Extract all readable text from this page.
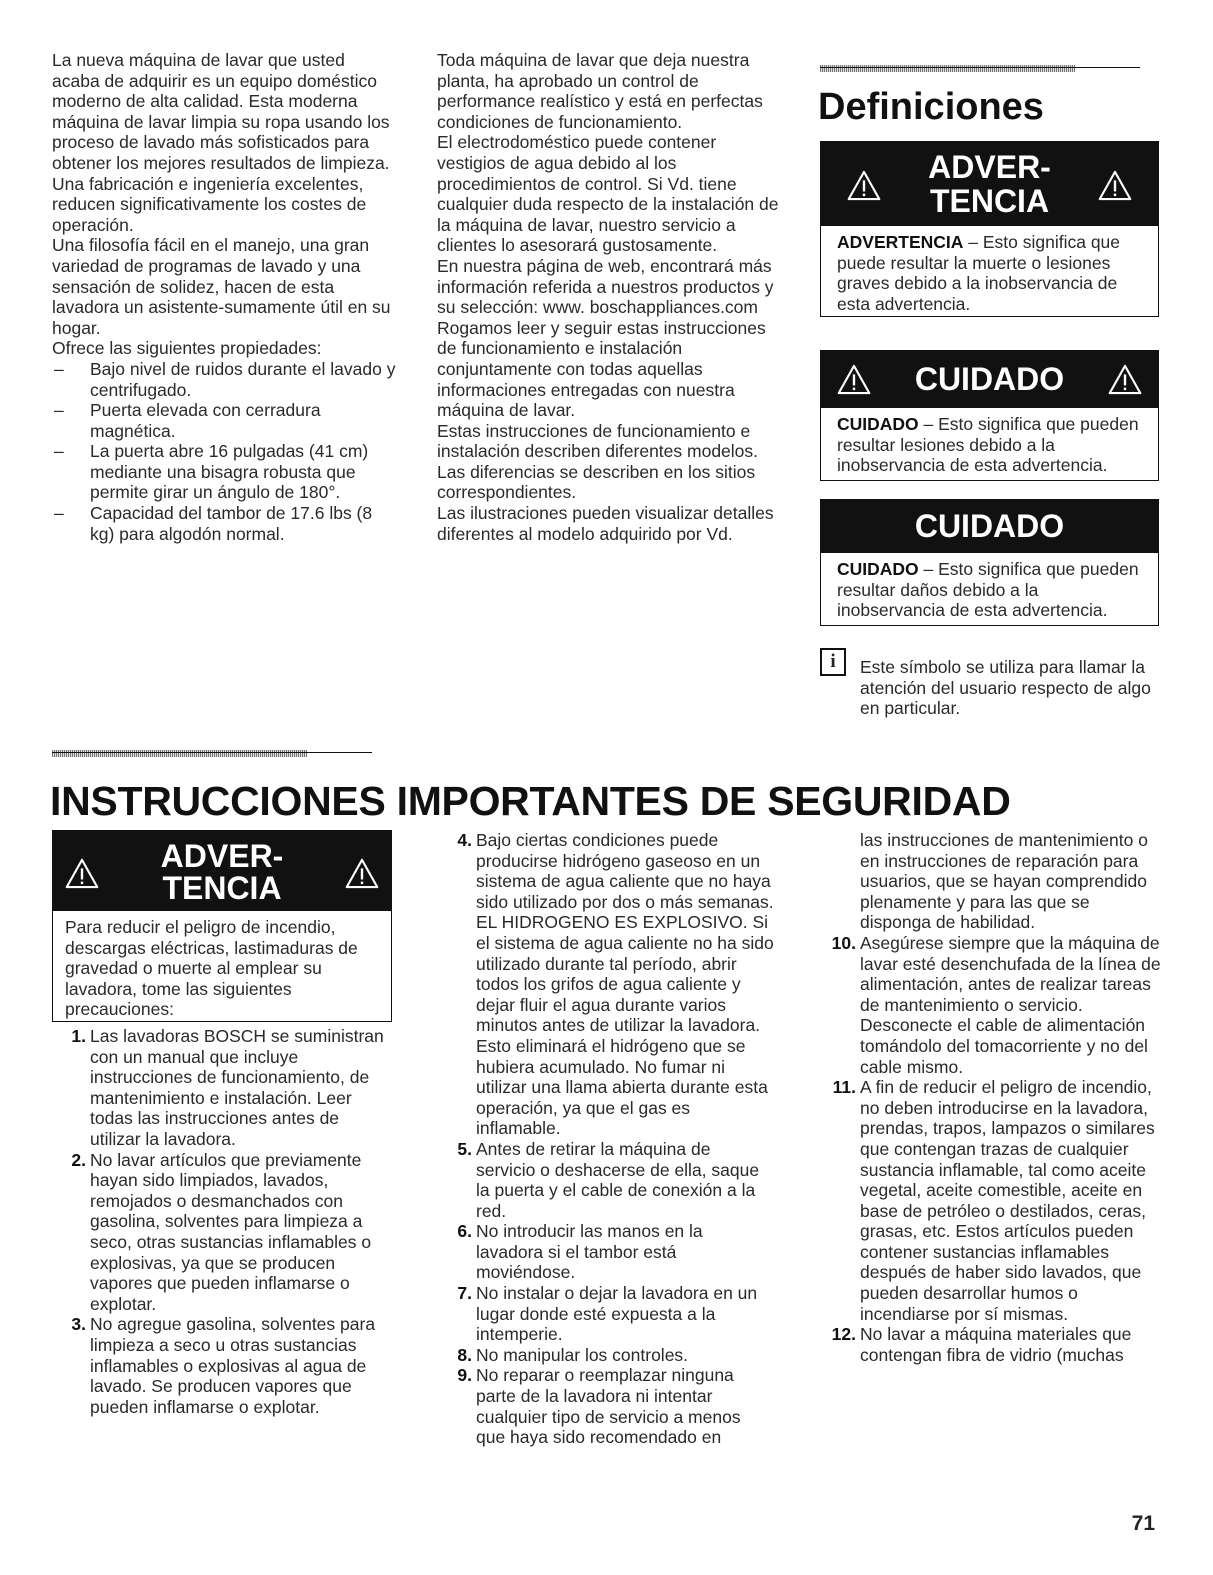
La nueva máquina de lavar que usted acaba de adquirir es un equipo doméstico moderno de alta calidad. Esta moderna máquina de lavar limpia su ropa usando los proceso de lavado más sofisticados para obtener los mejores resultados de limpieza.

Una fabricación e ingeniería excelentes, reducen significativamente los costes de operación.

Una filosofía fácil en el manejo, una gran variedad de programas de lavado y una sensación de solidez, hacen de esta lavadora un asistente-sumamente útil en su hogar.

Ofrece las siguientes propiedades:

– Bajo nivel de ruidos durante el lavado y centrifugado.
– Puerta elevada con cerradura magnética.
– La puerta abre 16 pulgadas (41 cm) mediante una bisagra robusta que permite girar un ángulo de 180°.
– Capacidad del tambor de 17.6 lbs (8 kg) para algodón normal.

Toda máquina de lavar que deja nuestra planta, ha aprobado un control de performance realístico y está en perfectas condiciones de funcionamiento.

El electrodoméstico puede contener vestigios de agua debido al los procedimientos de control. Si Vd. tiene cualquier duda respecto de la instalación de la máquina de lavar, nuestro servicio a clientes lo asesorará gustosamente.

En nuestra página de web, encontrará más información referida a nuestros productos y su selección: www. boschappliances.com

Rogamos leer y seguir estas instrucciones de funcionamiento e instalación conjuntamente con todas aquellas informaciones entregadas con nuestra máquina de lavar.

Estas instrucciones de funcionamiento e instalación describen diferentes modelos. Las diferencias se describen en los sitios correspondientes.

Las ilustraciones pueden visualizar detalles diferentes al modelo adquirido por Vd.

Definiciones
ADVER-
TENCIA
ADVERTENCIA – Esto significa que puede resultar la muerte o lesiones graves debido a la inobservancia de esta advertencia.
CUIDADO
CUIDADO – Esto significa que pueden resultar lesiones debido a la inobservancia de esta advertencia.
CUIDADO
CUIDADO – Esto significa que pueden resultar daños debido a la inobservancia de esta advertencia.
i	Este símbolo se utiliza para llamar la atención del usuario respecto de algo en particular.
INSTRUCCIONES IMPORTANTES DE SEGURIDAD
ADVER-
TENCIA
Para reducir el peligro de incendio, descargas eléctricas, lastimaduras de gravedad o muerte al emplear su lavadora, tome las siguientes precauciones:
1. Las lavadoras BOSCH se suministran con un manual que incluye instrucciones de funcionamiento, de mantenimiento e instalación. Leer todas las instrucciones antes de utilizar la lavadora.
2. No lavar artículos que previamente hayan sido limpiados, lavados, remojados o desmanchados con gasolina, solventes para limpieza a seco, otras sustancias inflamables o explosivas, ya que se producen vapores que pueden inflamarse o explotar.
3. No agregue gasolina, solventes para limpieza a seco u otras sustancias inflamables o explosivas al agua de lavado. Se producen vapores que pueden inflamarse o explotar.
4. Bajo ciertas condiciones puede producirse hidrógeno gaseoso en un sistema de agua caliente que no haya sido utilizado por dos o más semanas. EL HIDROGENO ES EXPLOSIVO. Si el sistema de agua caliente no ha sido utilizado durante tal período, abrir todos los grifos de agua caliente y dejar fluir el agua durante varios minutos antes de utilizar la lavadora. Esto eliminará el hidrógeno que se hubiera acumulado. No fumar ni utilizar una llama abierta durante esta operación, ya que el gas es inflamable.
5. Antes de retirar la máquina de servicio o deshacerse de ella, saque la puerta y el cable de conexión a la red.
6. No introducir las manos en la lavadora si el tambor está moviéndose.
7. No instalar o dejar la lavadora en un lugar donde esté expuesta a la intemperie.
8. No manipular los controles.
9. No reparar o reemplazar ninguna parte de la lavadora ni intentar cualquier tipo de servicio a menos que haya sido recomendado en
las instrucciones de mantenimiento o en instrucciones de reparación para usuarios, que se hayan comprendido plenamente y para las que se disponga de habilidad.
10. Asegúrese siempre que la máquina de lavar esté desenchufada de la línea de alimentación, antes de realizar tareas de mantenimiento o servicio. Desconecte el cable de alimentación tomándolo del tomacorriente y no del cable mismo.
11. A fin de reducir el peligro de incendio, no deben introducirse en la lavadora, prendas, trapos, lampazos o similares que contengan trazas de cualquier sustancia inflamable, tal como aceite vegetal, aceite comestible, aceite en base de petróleo o destilados, ceras, grasas, etc. Estos artículos pueden contener sustancias inflamables después de haber sido lavados, que pueden desarrollar humos o incendiarse por sí mismas.
12. No lavar a máquina materiales que contengan fibra de vidrio (muchas
71
